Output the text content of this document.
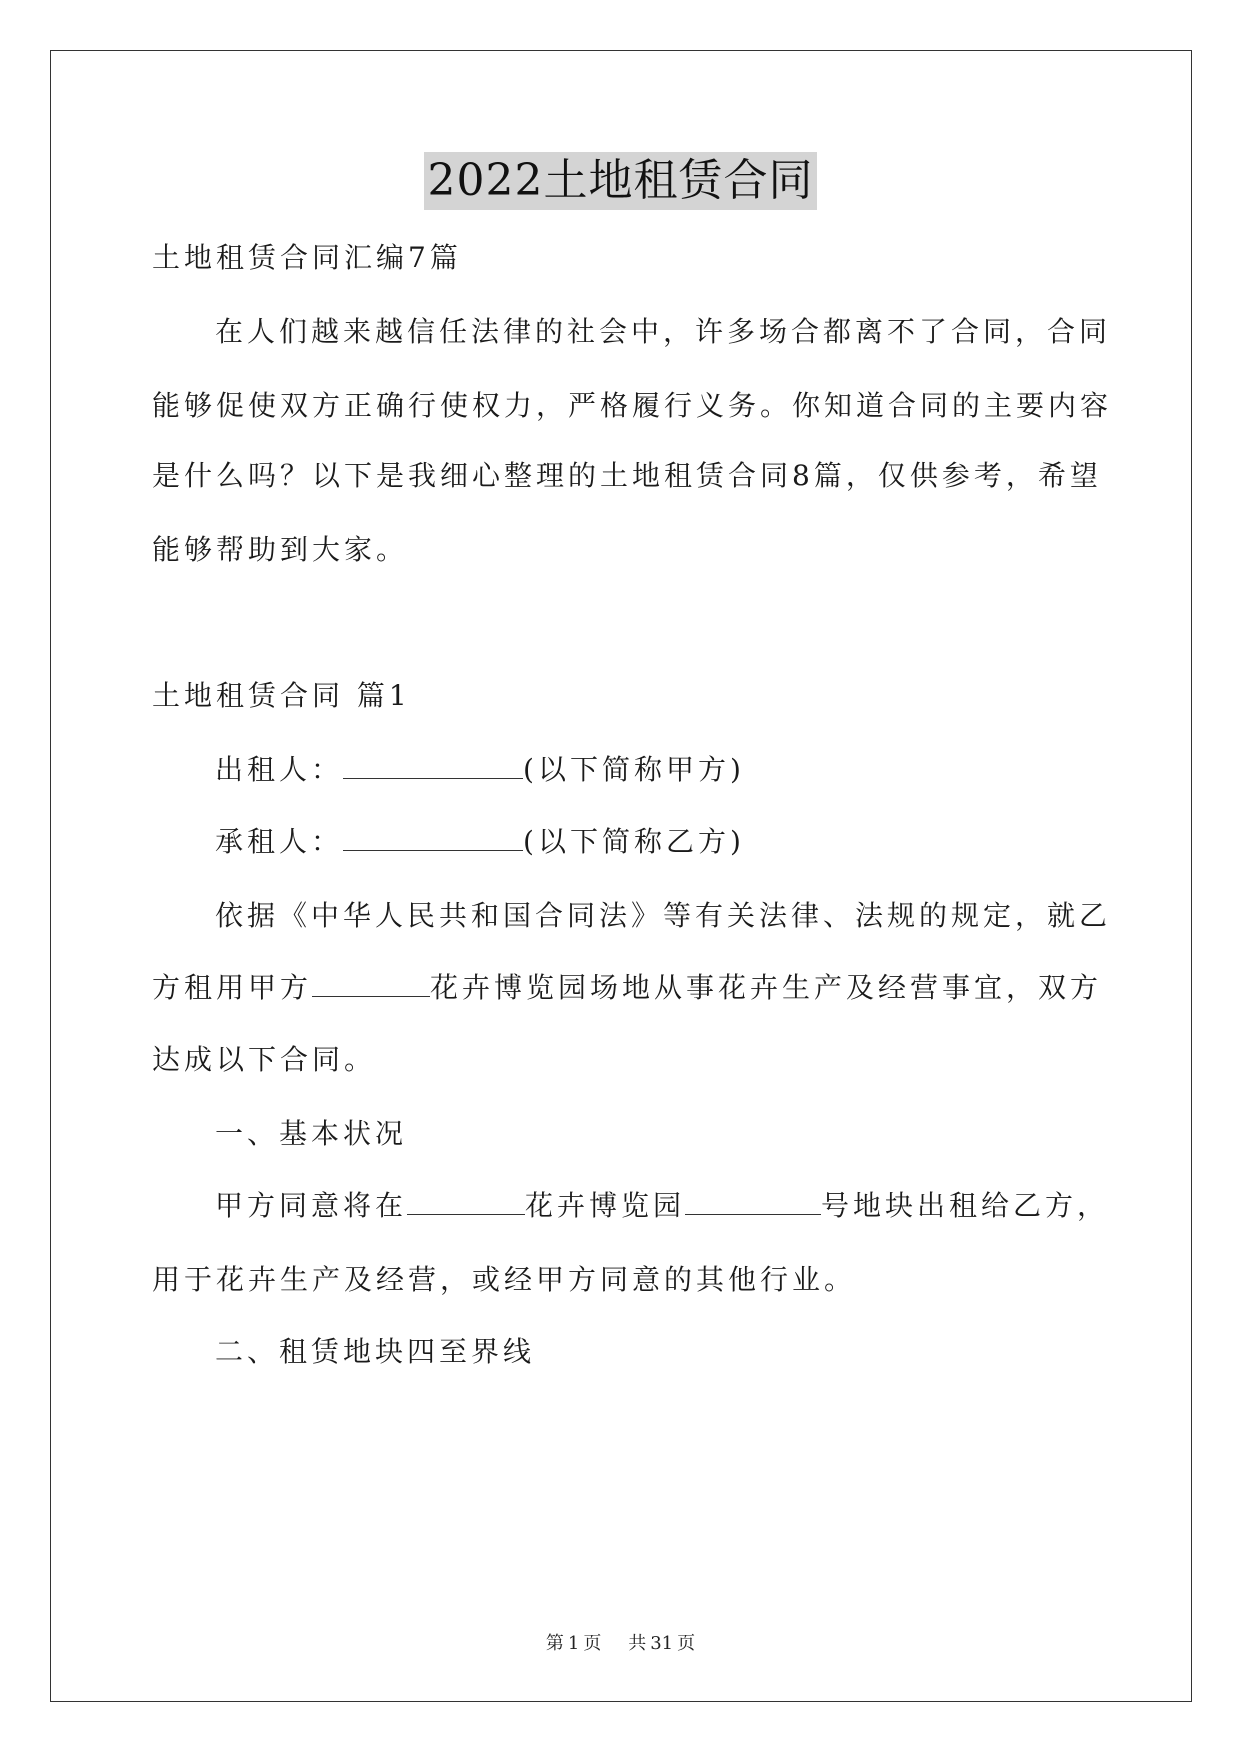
2022土地租赁合同
土地租赁合同汇编7篇
在人们越来越信任法律的社会中，许多场合都离不了合同，合同
能够促使双方正确行使权力，严格履行义务。你知道合同的主要内容
是什么吗？以下是我细心整理的土地租赁合同8篇，仅供参考，希望
能够帮助到大家。
土地租赁合同 篇1
出租人：	(以下简称甲方)
承租人：	(以下简称乙方)
依据《中华人民共和国合同法》等有关法律、法规的规定，就乙
方租用甲方	花卉博览园场地从事花卉生产及经营事宜，双方
达成以下合同。
一、基本状况
甲方同意将在	花卉博览园	号地块出租给乙方，
用于花卉生产及经营，或经甲方同意的其他行业。
二、租赁地块四至界线
第 1 页 共 31 页
